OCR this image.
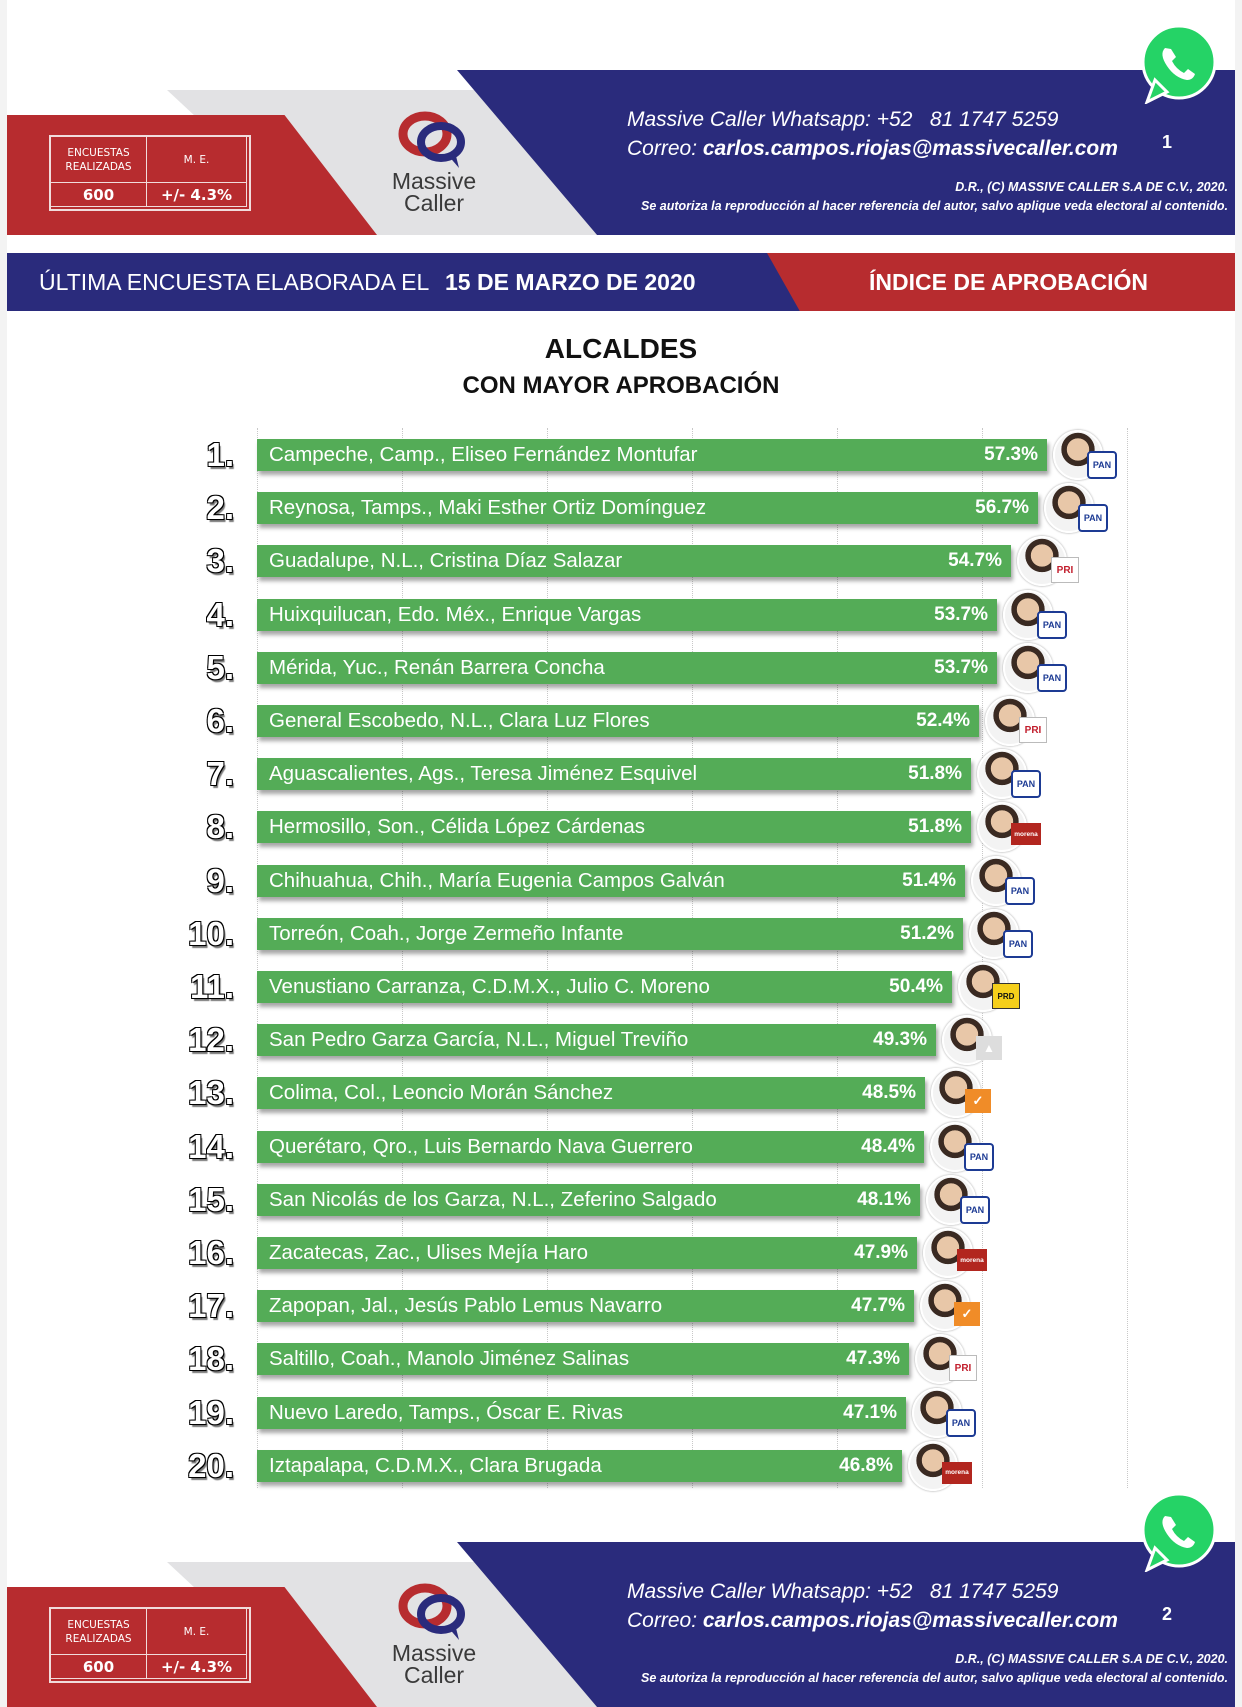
ENCUESTAS REALIZADAS
M. E.
600	+/- 4.3%
Massive
Caller
Massive Caller Whatsapp: +52 81 1747 5259
Correo: carlos.campos.riojas@massivecaller.com 1
D.R., (C) MASSIVE CALLER S.A DE C.V., 2020.
Se autoriza la reproducción al hacer referencia del autor, salvo aplique veda electoral al contenido.
ÚLTIMA ENCUESTA ELABORADA EL 15 DE MARZO DE 2020	ÍNDICE DE APROBACIÓN
ALCALDES
CON MAYOR APROBACIÓN
1. Campeche, Camp., Eliseo Fernández Montufar	57.3%	PAN
2. Reynosa, Tamps., Maki Esther Ortiz Domínguez	56.7%	PAN
3. Guadalupe, N.L., Cristina Díaz Salazar	54.7%	PRI
4. Huixquilucan, Edo. Méx., Enrique Vargas	53.7%	PAN
5. Mérida, Yuc., Renán Barrera Concha	53.7%	PAN
6. General Escobedo, N.L., Clara Luz Flores	52.4%	PRI
7. Aguascalientes, Ags., Teresa Jiménez Esquivel	51.8%	PAN
8. Hermosillo, Son., Célida López Cárdenas	51.8%	morena
9. Chihuahua, Chih., María Eugenia Campos Galván	51.4%	PAN
10. Torreón, Coah., Jorge Zermeño Infante	51.2%	PAN
11. Venustiano Carranza, C.D.M.X., Julio C. Moreno	50.4%	PRD
12. San Pedro Garza García, N.L., Miguel Treviño	49.3%	▲
13. Colima, Col., Leoncio Morán Sánchez	48.5%	✓
14. Querétaro, Qro., Luis Bernardo Nava Guerrero	48.4%	PAN
15. San Nicolás de los Garza, N.L., Zeferino Salgado	48.1%	PAN
16. Zacatecas, Zac., Ulises Mejía Haro	47.9%	morena
17. Zapopan, Jal., Jesús Pablo Lemus Navarro	47.7%	✓
18. Saltillo, Coah., Manolo Jiménez Salinas	47.3%	PRI
19. Nuevo Laredo, Tamps., Óscar E. Rivas	47.1%	PAN
20. Iztapalapa, C.D.M.X., Clara Brugada	46.8%	morena
ENCUESTAS REALIZADAS
M. E.
600	+/- 4.3%
Massive
Caller
Massive Caller Whatsapp: +52 81 1747 5259
Correo: carlos.campos.riojas@massivecaller.com 2
D.R., (C) MASSIVE CALLER S.A DE C.V., 2020.
Se autoriza la reproducción al hacer referencia del autor, salvo aplique veda electoral al contenido.
